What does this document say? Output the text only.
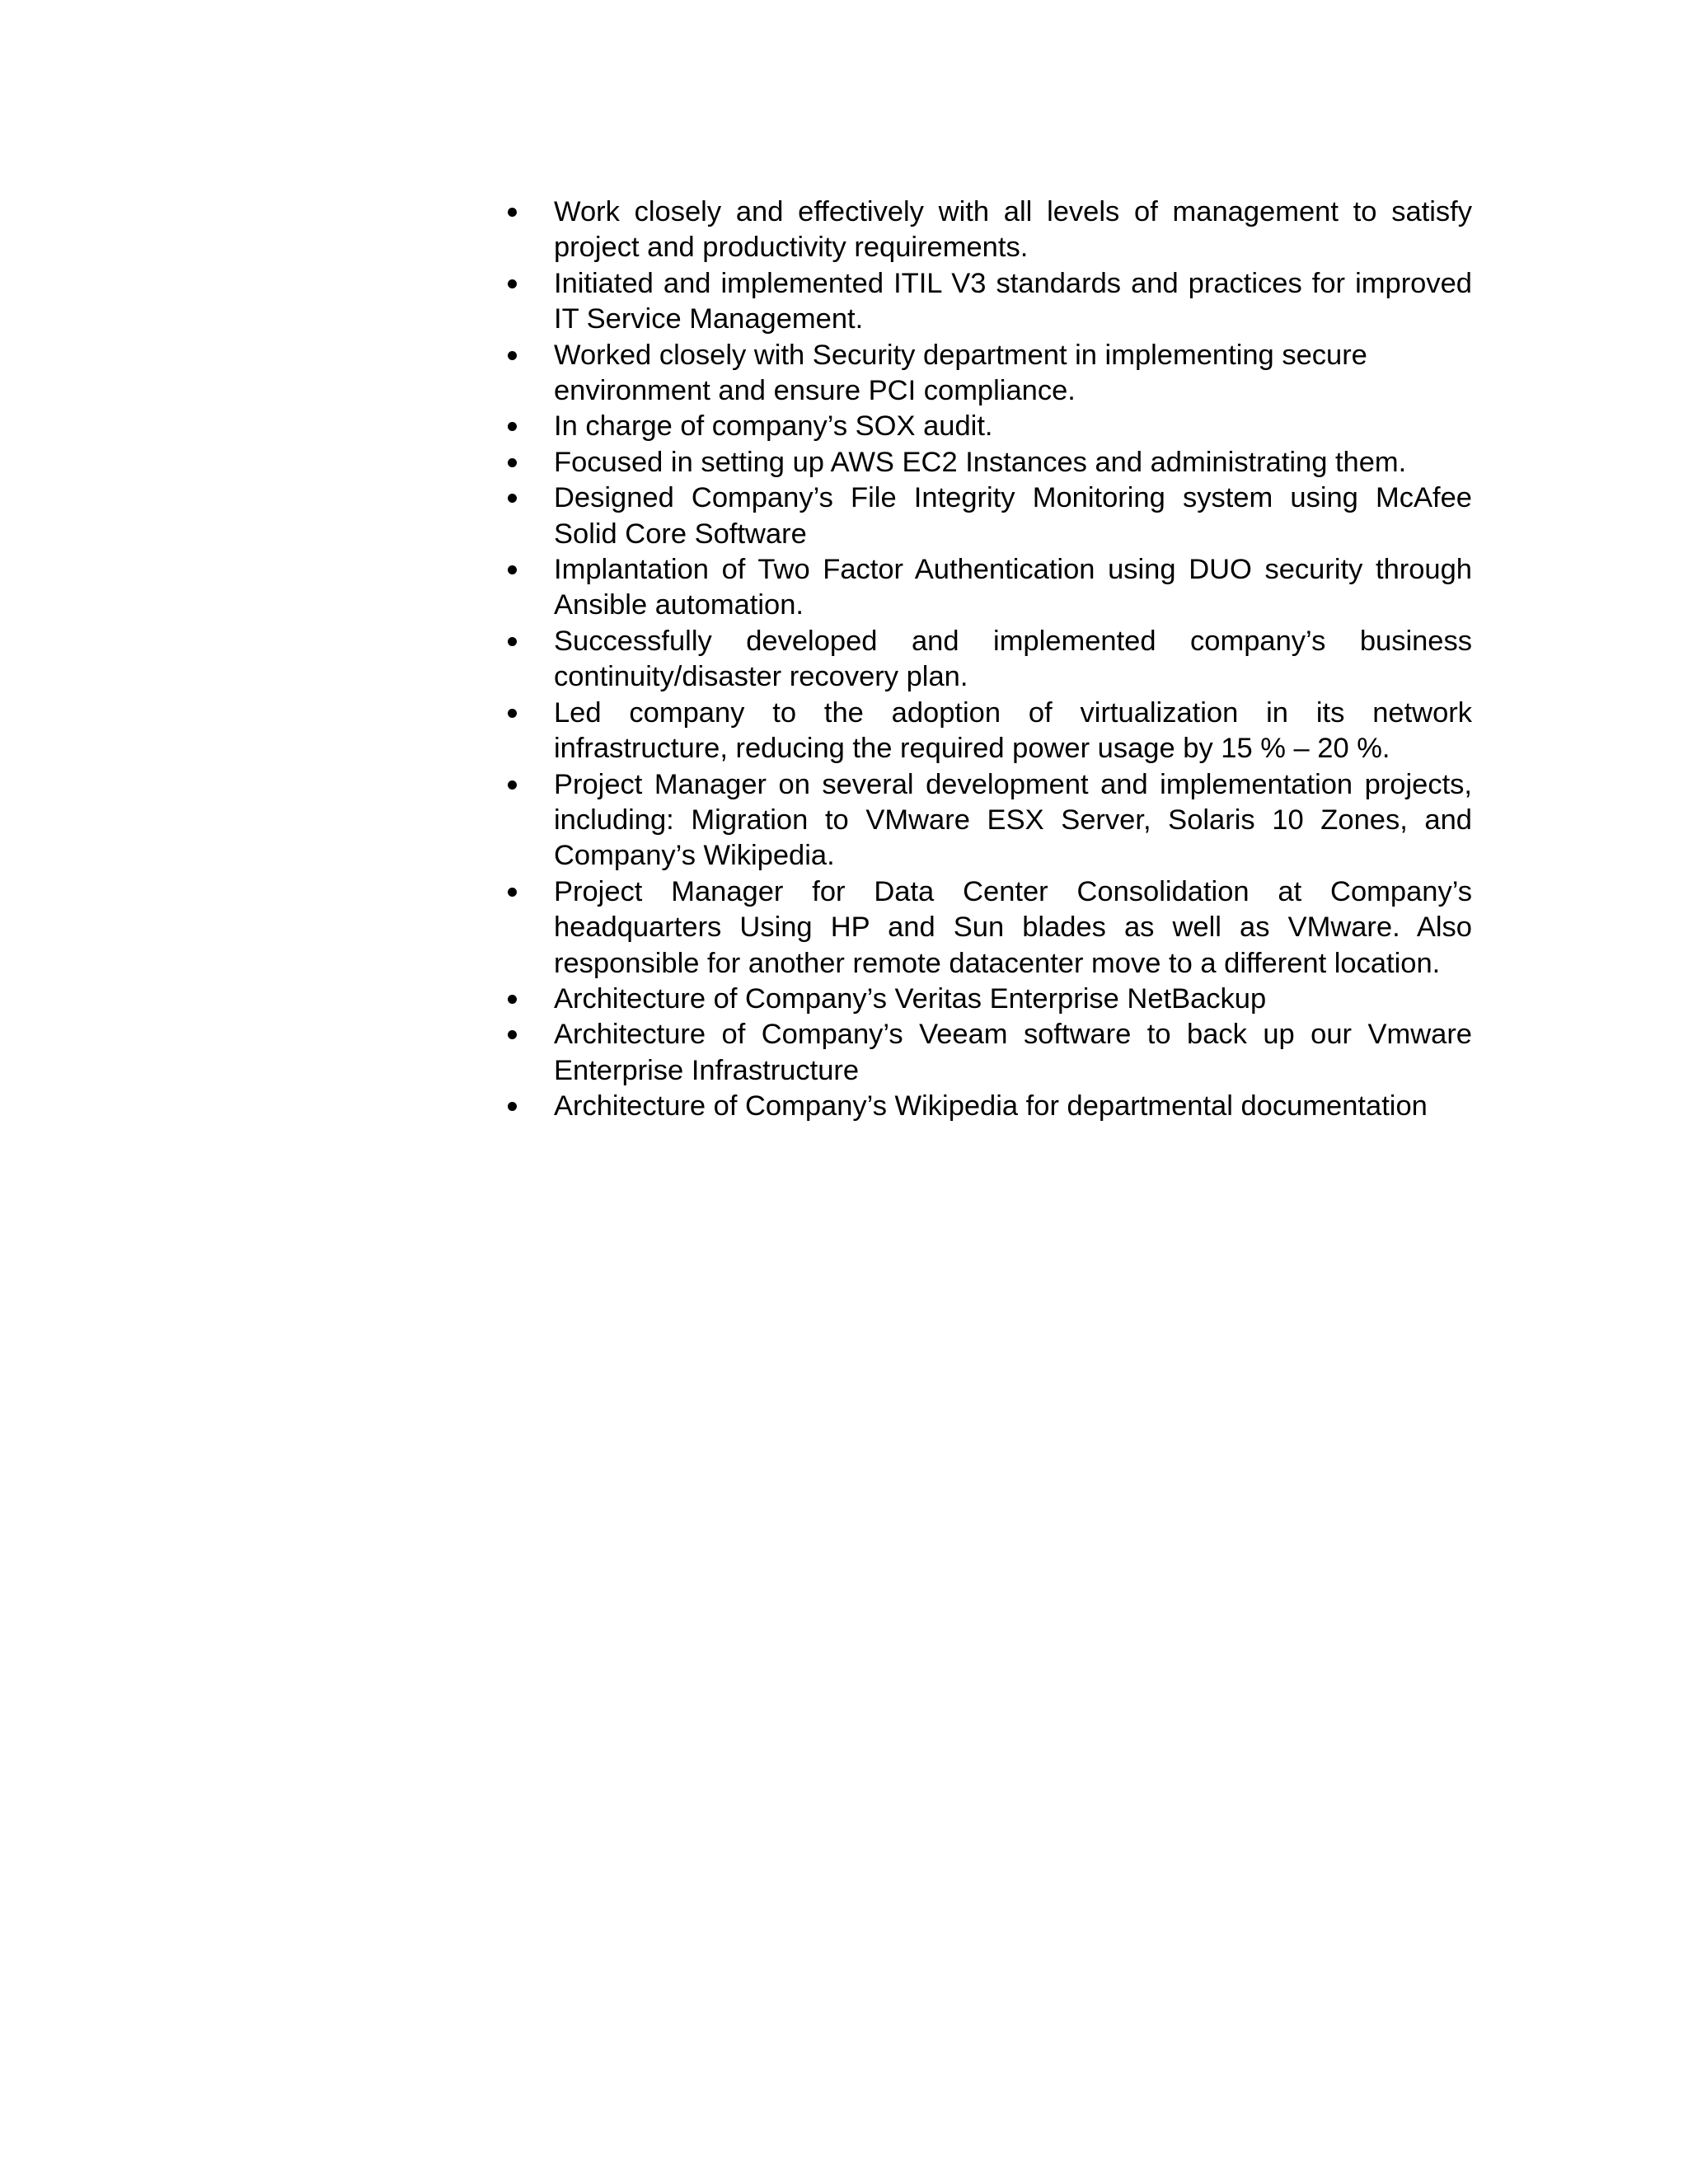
Work closely and effectively with all levels of management to satisfy project and productivity requirements.
Initiated and implemented ITIL V3 standards and practices for improved IT Service Management.
Worked closely with Security department in implementing secure environment and ensure PCI compliance.
In charge of company’s SOX audit.
Focused in setting up AWS EC2 Instances and administrating them.
Designed Company’s File Integrity Monitoring system using McAfee Solid Core Software
Implantation of Two Factor Authentication using DUO security through Ansible automation.
Successfully developed and implemented company’s business continuity/disaster recovery plan.
Led company to the adoption of virtualization in its network infrastructure, reducing the required power usage by 15 % – 20 %.
Project Manager on several development and implementation projects, including: Migration to VMware ESX Server, Solaris 10 Zones, and Company’s Wikipedia.
Project Manager for Data Center Consolidation at Company’s headquarters Using HP and Sun blades as well as VMware. Also responsible for another remote datacenter move to a different location.
Architecture of Company’s Veritas Enterprise NetBackup
Architecture of Company’s Veeam software to back up our Vmware Enterprise Infrastructure
Architecture of Company’s Wikipedia for departmental documentation
